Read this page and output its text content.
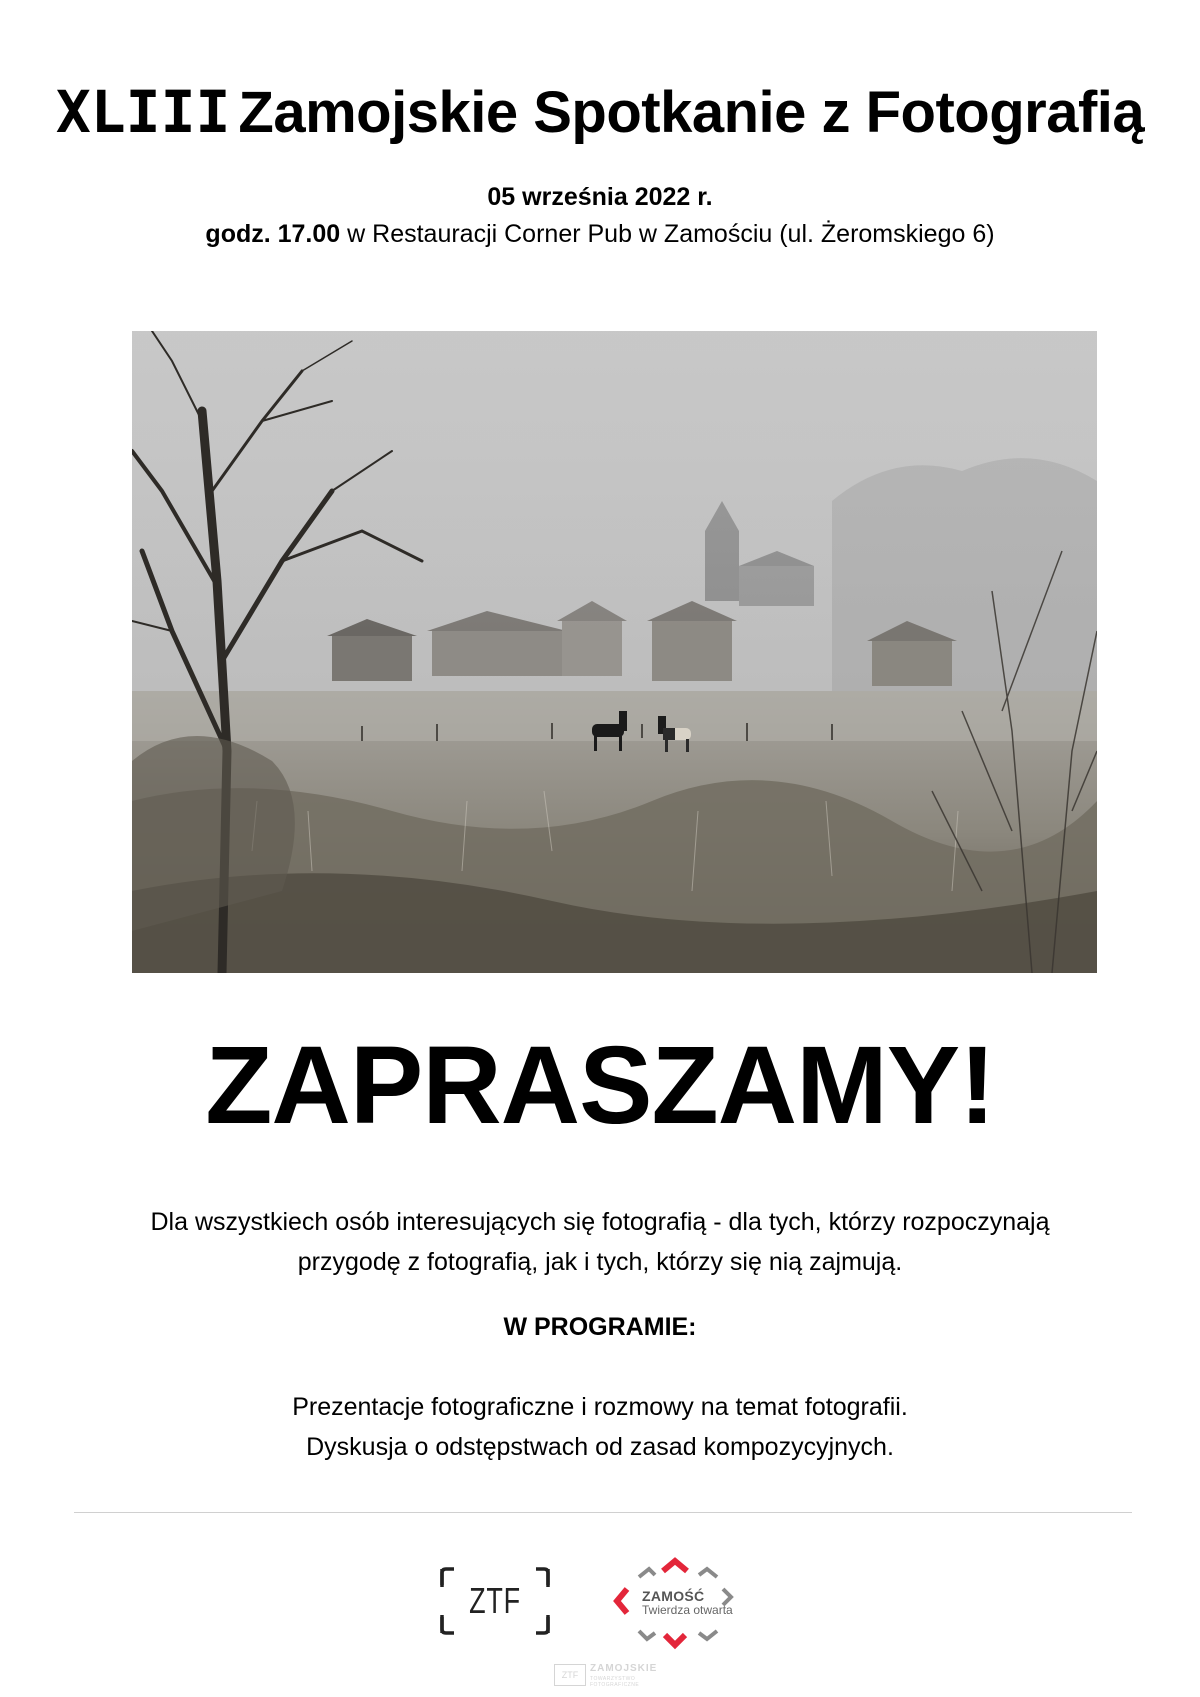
XLIII Zamojskie Spotkanie z Fotografią
05 września 2022 r.
godz. 17.00 w Restauracji Corner Pub w Zamościu (ul. Żeromskiego 6)
ZAPRASZAMY!
Dla wszystkiech osób interesujących się fotografią - dla tych, którzy rozpoczynają
przygodę z fotografią, jak i tych, którzy się nią zajmują.
W PROGRAMIE:
Prezentacje fotograficzne i rozmowy na temat fotografii.
Dyskusja o odstępstwach od zasad kompozycyjnych.
ZTF	ZAMOŚĆ
Twierdza otwarta
ZTF
ZAMOJSKIE
TOWARZYSTWO FOTOGRAFICZNE
